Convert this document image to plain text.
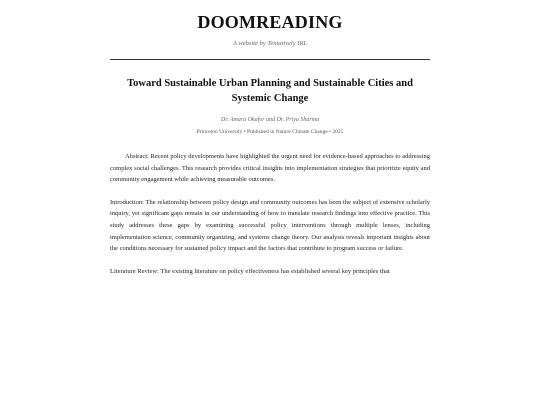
DOOMREADING
A website by Tentatively IRL
Toward Sustainable Urban Planning and Sustainable Cities and Systemic Change
Dr. Amara Okafor and Dr. Priya Sharma
Princeton University • Published in Nature Climate Change • 2025

Abstract: Recent policy developments have highlighted the urgent need for evidence-based approaches to addressing complex social challenges. This research provides critical insights into implementation strategies that prioritize equity and community engagement while achieving measurable outcomes.

Introduction: The relationship between policy design and community outcomes has been the subject of extensive scholarly inquiry, yet significant gaps remain in our understanding of how to translate research findings into effective practice. This study addresses these gaps by examining successful policy interventions through multiple lenses, including implementation science, community organizing, and systems change theory. Our analysis reveals important insights about the conditions necessary for sustained policy impact and the factors that contribute to program success or failure.

Literature Review: The existing literature on policy effectiveness has established several key principles that
